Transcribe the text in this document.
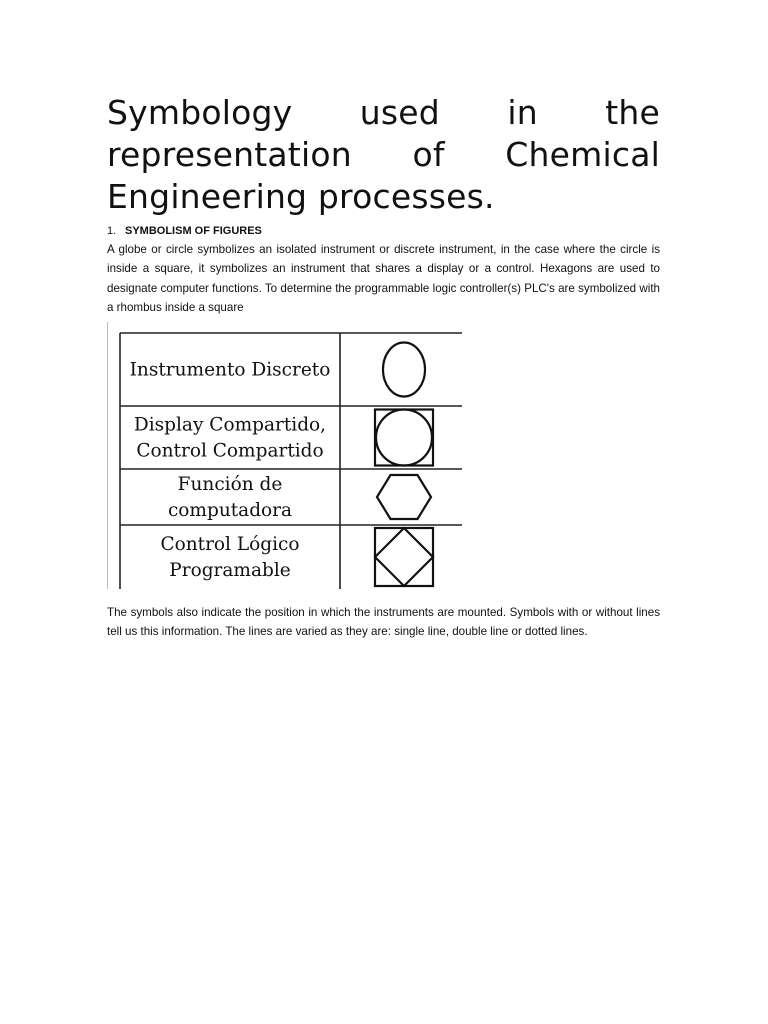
Symbology used in the representation of Chemical Engineering processes.
1. SYMBOLISM OF FIGURES

A globe or circle symbolizes an isolated instrument or discrete instrument, in the case where the circle is inside a square, it symbolizes an instrument that shares a display or a control. Hexagons are used to designate computer functions. To determine the programmable logic controller(s) PLC's are symbolized with a rhombus inside a square

Instrumento Discreto
Display Compartido,
Control Compartido
Función de
computadora
Control Lógico
Programable

The symbols also indicate the position in which the instruments are mounted. Symbols with or without lines tell us this information. The lines are varied as they are: single line, double line or dotted lines.
